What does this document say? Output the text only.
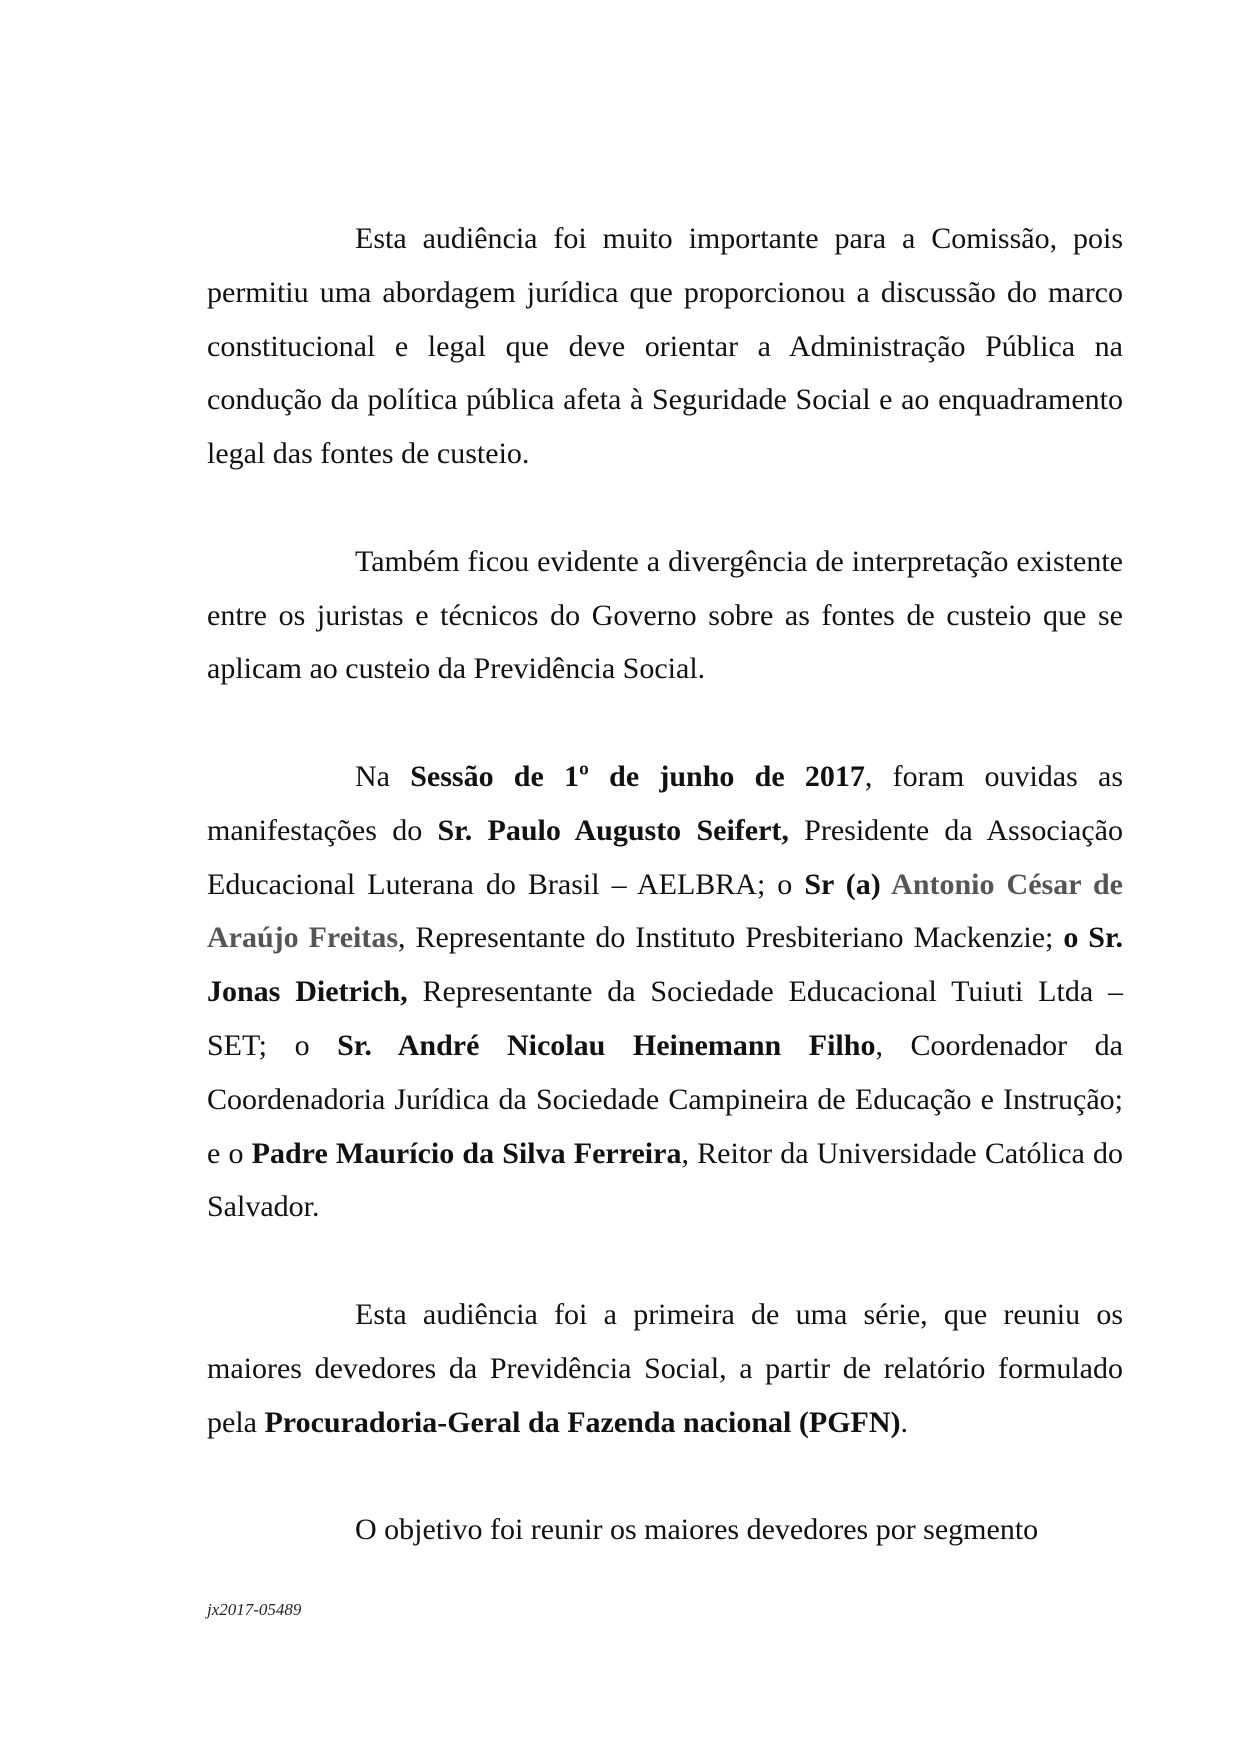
Esta audiência foi muito importante para a Comissão, pois permitiu uma abordagem jurídica que proporcionou a discussão do marco constitucional e legal que deve orientar a Administração Pública na condução da política pública afeta à Seguridade Social e ao enquadramento legal das fontes de custeio.

Também ficou evidente a divergência de interpretação existente entre os juristas e técnicos do Governo sobre as fontes de custeio que se aplicam ao custeio da Previdência Social.

Na Sessão de 1º de junho de 2017, foram ouvidas as manifestações do Sr. Paulo Augusto Seifert, Presidente da Associação Educacional Luterana do Brasil – AELBRA; o Sr (a) Antonio César de Araújo Freitas, Representante do Instituto Presbiteriano Mackenzie; o Sr. Jonas Dietrich, Representante da Sociedade Educacional Tuiuti Ltda – SET; o Sr. André Nicolau Heinemann Filho, Coordenador da Coordenadoria Jurídica da Sociedade Campineira de Educação e Instrução; e o Padre Maurício da Silva Ferreira, Reitor da Universidade Católica do Salvador.

Esta audiência foi a primeira de uma série, que reuniu os maiores devedores da Previdência Social, a partir de relatório formulado pela Procuradoria-Geral da Fazenda nacional (PGFN).

O objetivo foi reunir os maiores devedores por segmento

jx2017-05489
